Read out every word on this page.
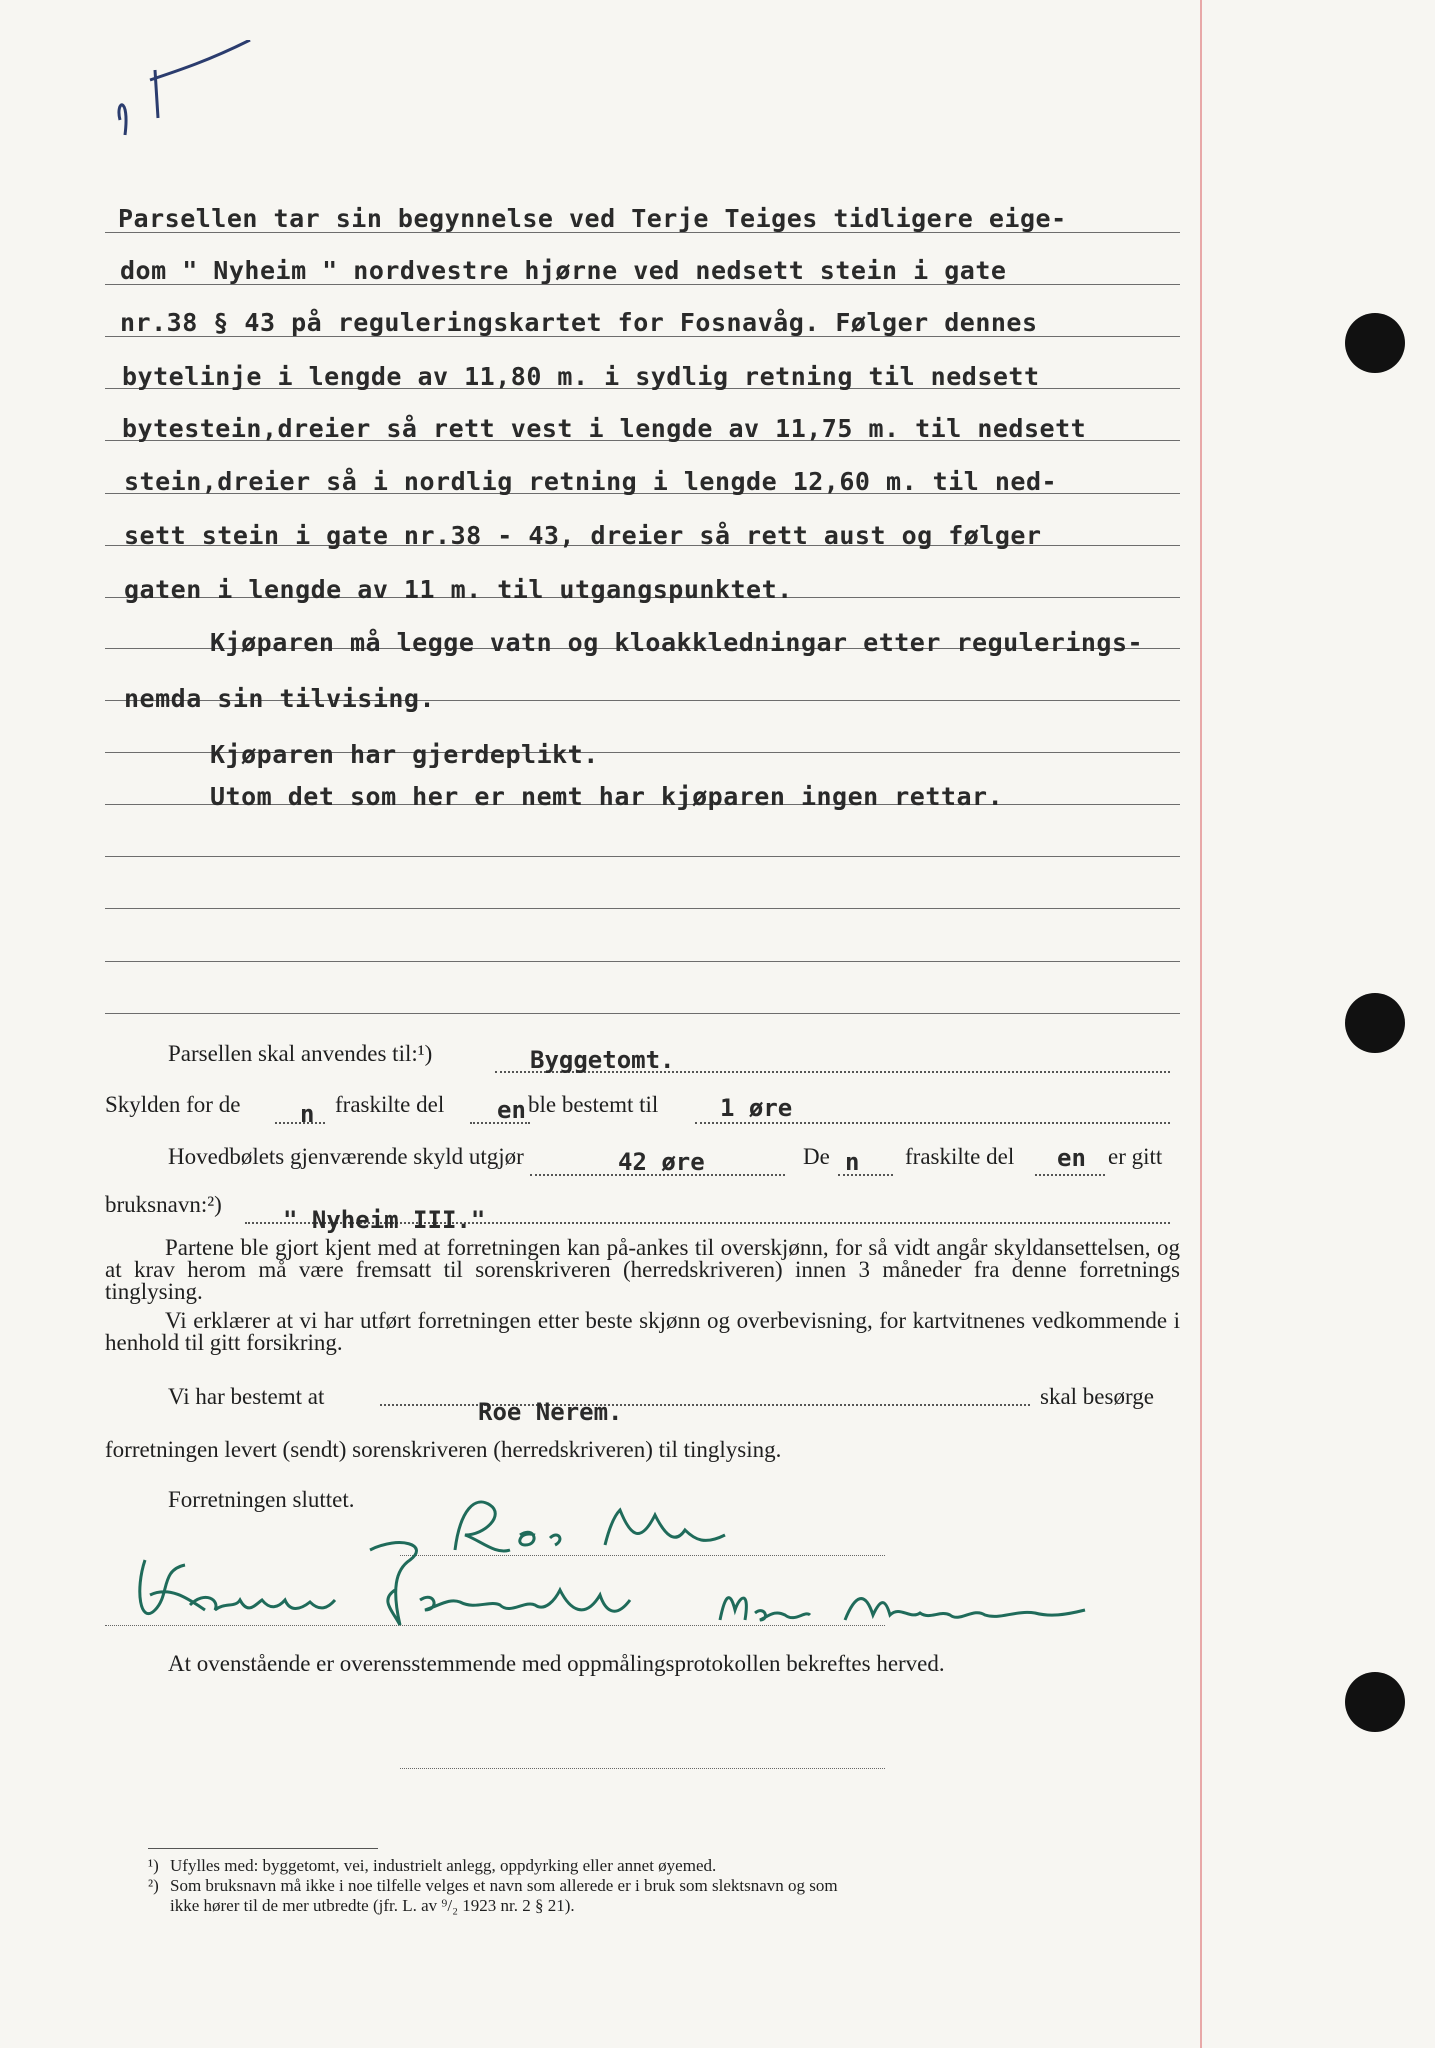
Parsellen tar sin begynnelse ved Terje Teiges tidligere eige-
dom " Nyheim " nordvestre hjørne ved nedsett stein i gate
nr.38 § 43 på reguleringskartet for Fosnavåg. Følger dennes
bytelinje i lengde av 11,80 m. i sydlig retning til nedsett
bytestein,dreier så rett vest i lengde av 11,75 m. til nedsett
stein,dreier så i nordlig retning i lengde 12,60 m. til ned-
sett stein i gate nr.38 - 43, dreier så rett aust og følger
gaten i lengde av 11 m. til utgangspunktet.
Kjøparen må legge vatn og kloakkledningar etter regulerings-
nemda sin tilvising.
Kjøparen har gjerdeplikt.
Utom det som her er nemt har kjøparen ingen rettar.
Parsellen skal anvendes til:¹)	Byggetomt.
Skylden for de n fraskilte del en ble bestemt til	1 øre
Hovedbølets gjenværende skyld utgjør	42 øre	De n fraskilte del en er gitt
bruksnavn:²)
" Nyheim III."
Partene ble gjort kjent med at forretningen kan på-ankes til overskjønn, for så vidt angår skyldansettelsen, og at krav herom må være fremsatt til sorenskriveren (herredskriveren) innen 3 måneder fra denne forretnings tinglysing.
Vi erklærer at vi har utført forretningen etter beste skjønn og overbevisning, for kartvitnenes vedkommende i henhold til gitt forsikring.
Vi har bestemt at
Roe Nerem.
skal besørge
forretningen levert (sendt) sorenskriveren (herredskriveren) til tinglysing.
Forretningen sluttet.
At ovenstående er overensstemmende med oppmålingsprotokollen bekreftes herved.
¹) Ufylles med: byggetomt, vei, industrielt anlegg, oppdyrking eller annet øyemed.
²) Som bruksnavn må ikke i noe tilfelle velges et navn som allerede er i bruk som slektsnavn og som
ikke hører til de mer utbredte (jfr. L. av ⁹/₂ 1923 nr. 2 § 21).
